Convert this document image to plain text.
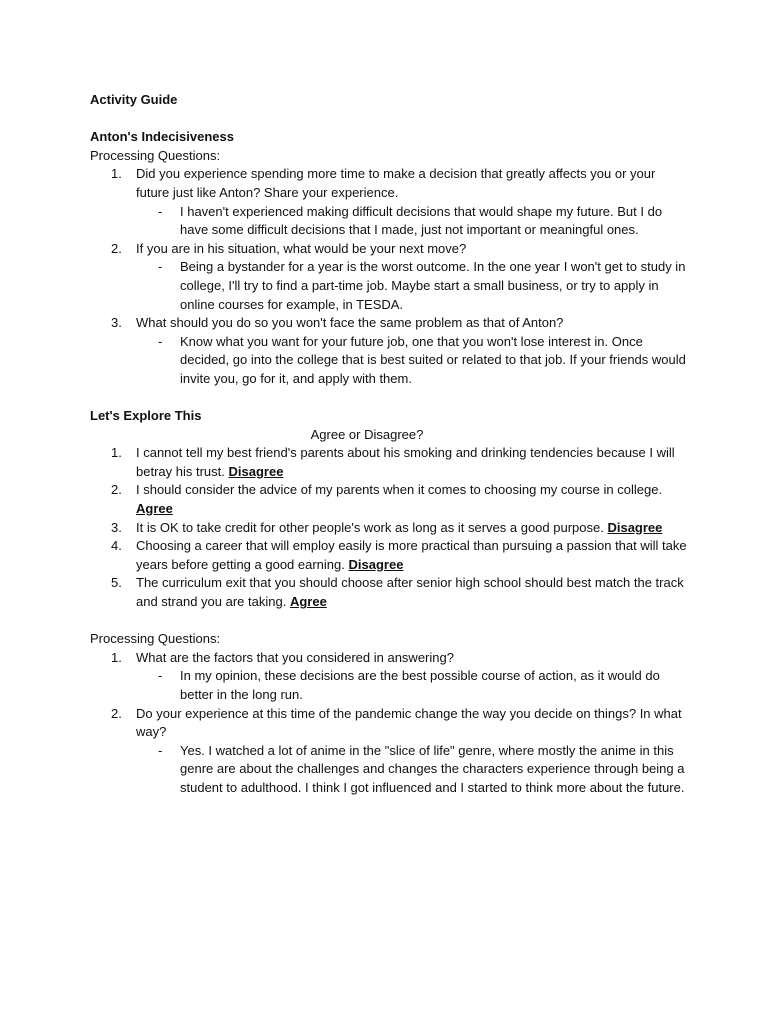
Activity Guide

Anton's Indecisiveness

Processing Questions:

1. Did you experience spending more time to make a decision that greatly affects you or your future just like Anton? Share your experience.
- I haven't experienced making difficult decisions that would shape my future. But I do have some difficult decisions that I made, just not important or meaningful ones.
2. If you are in his situation, what would be your next move?
- Being a bystander for a year is the worst outcome. In the one year I won't get to study in college, I'll try to find a part-time job. Maybe start a small business, or try to apply in online courses for example, in TESDA.
3. What should you do so you won't face the same problem as that of Anton?
- Know what you want for your future job, one that you won't lose interest in. Once decided, go into the college that is best suited or related to that job. If your friends would invite you, go for it, and apply with them.

Let's Explore This

Agree or Disagree?

1. I cannot tell my best friend's parents about his smoking and drinking tendencies because I will betray his trust. Disagree
2. I should consider the advice of my parents when it comes to choosing my course in college. Agree
3. It is OK to take credit for other people's work as long as it serves a good purpose. Disagree
4. Choosing a career that will employ easily is more practical than pursuing a passion that will take years before getting a good earning. Disagree
5. The curriculum exit that you should choose after senior high school should best match the track and strand you are taking. Agree

Processing Questions:

1. What are the factors that you considered in answering?
- In my opinion, these decisions are the best possible course of action, as it would do better in the long run.
2. Do your experience at this time of the pandemic change the way you decide on things? In what way?
- Yes. I watched a lot of anime in the "slice of life" genre, where mostly the anime in this genre are about the challenges and changes the characters experience through being a student to adulthood. I think I got influenced and I started to think more about the future.
